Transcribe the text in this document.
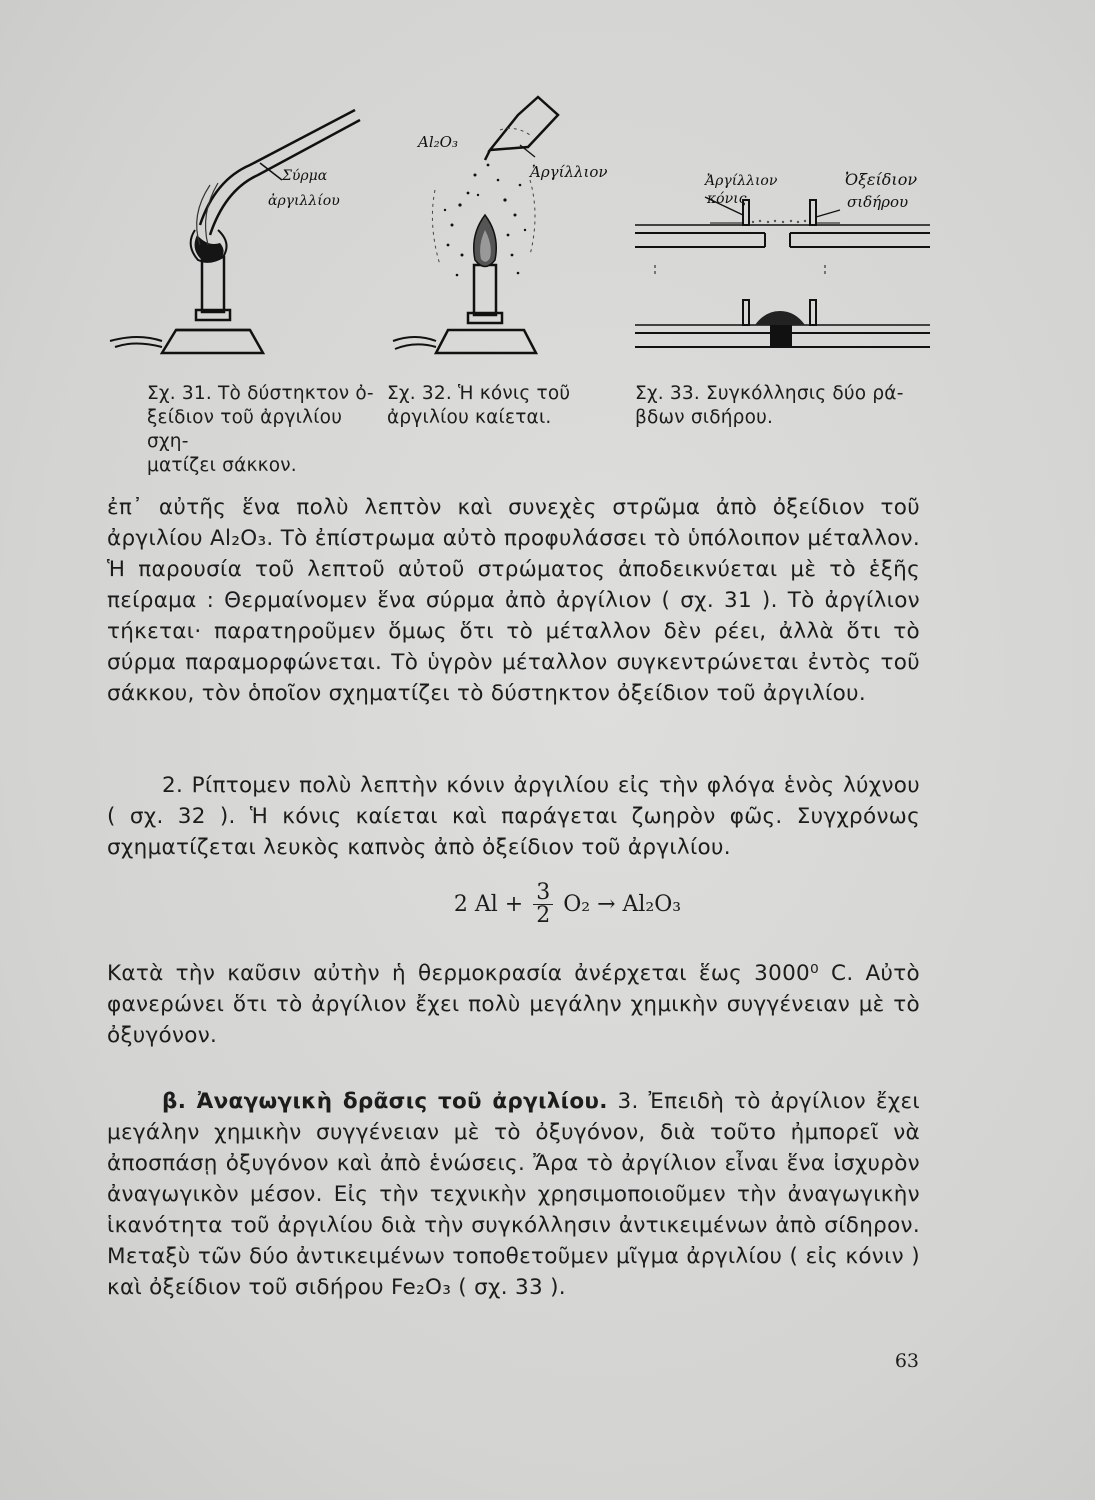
Σύρμα
ἀργιλλίου
Al₂O₃
Ἀργίλλιον	Ἀργίλλιον
κόνις
Ὀξείδιον
σιδήρου
Σχ. 31. Τὸ δύστηκτον ὀ-
ξείδιον τοῦ ἀργιλίου σχη-
ματίζει σάκκον.
Σχ. 32. Ἡ κόνις τοῦ
ἀργιλίου καίεται.
Σχ. 33. Συγκόλλησις δύο ρά-
βδων σιδήρου.

ἐπ᾽ αὐτῆς ἕνα πολὺ λεπτὸν καὶ συνεχὲς στρῶμα ἀπὸ ὀξείδιον τοῦ ἀργιλίου Al₂O₃. Τὸ ἐπίστρωμα αὐτὸ προφυλάσσει τὸ ὑπόλοιπον μέταλλον. Ἡ παρουσία τοῦ λεπτοῦ αὐτοῦ στρώματος ἀποδεικνύεται μὲ τὸ ἑξῆς πείραμα : Θερμαίνομεν ἕνα σύρμα ἀπὸ ἀργίλιον ( σχ. 31 ). Τὸ ἀργίλιον τήκεται· παρατηροῦμεν ὅμως ὅτι τὸ μέταλλον δὲν ρέει, ἀλλὰ ὅτι τὸ σύρμα παραμορφώνεται. Τὸ ὑγρὸν μέταλλον συγκεντρώνεται ἐντὸς τοῦ σάκκου, τὸν ὁποῖον σχηματίζει τὸ δύστηκτον ὀξείδιον τοῦ ἀργιλίου.

2. Ρίπτομεν πολὺ λεπτὴν κόνιν ἀργιλίου εἰς τὴν φλόγα ἑνὸς λύχνου ( σχ. 32 ). Ἡ κόνις καίεται καὶ παράγεται ζωηρὸν φῶς. Συγχρόνως σχηματίζεται λευκὸς καπνὸς ἀπὸ ὀξείδιον τοῦ ἀργιλίου.

2 $Al + \frac{3}{2} O_2 \to Al_2O_3$

Κατὰ τὴν καῦσιν αὐτὴν ἡ θερμοκρασία ἀνέρχεται ἕως 3000⁰ C. Αὐτὸ φανερώνει ὅτι τὸ ἀργίλιον ἔχει πολὺ μεγάλην χημικὴν συγγένειαν μὲ τὸ ὀξυγόνον.

β. Ἀναγωγικὴ δρᾶσις τοῦ ἀργιλίου. 3. Ἐπειδὴ τὸ ἀργίλιον ἔχει μεγάλην χημικὴν συγγένειαν μὲ τὸ ὀξυγόνον, διὰ τοῦτο ἠμπορεῖ νὰ ἀποσπάσῃ ὀξυγόνον καὶ ἀπὸ ἑνώσεις. Ἄρα τὸ ἀργίλιον εἶναι ἕνα ἰσχυρὸν ἀναγωγικὸν μέσον. Εἰς τὴν τεχνικὴν χρησιμοποιοῦμεν τὴν ἀναγωγικὴν ἱκανότητα τοῦ ἀργιλίου διὰ τὴν συγκόλλησιν ἀντικειμένων ἀπὸ σίδηρον. Μεταξὺ τῶν δύο ἀντικειμένων τοποθετοῦμεν μῖγμα ἀργιλίου ( εἰς κόνιν ) καὶ ὀξείδιον τοῦ σιδήρου Fe₂O₃ ( σχ. 33 ).

63
